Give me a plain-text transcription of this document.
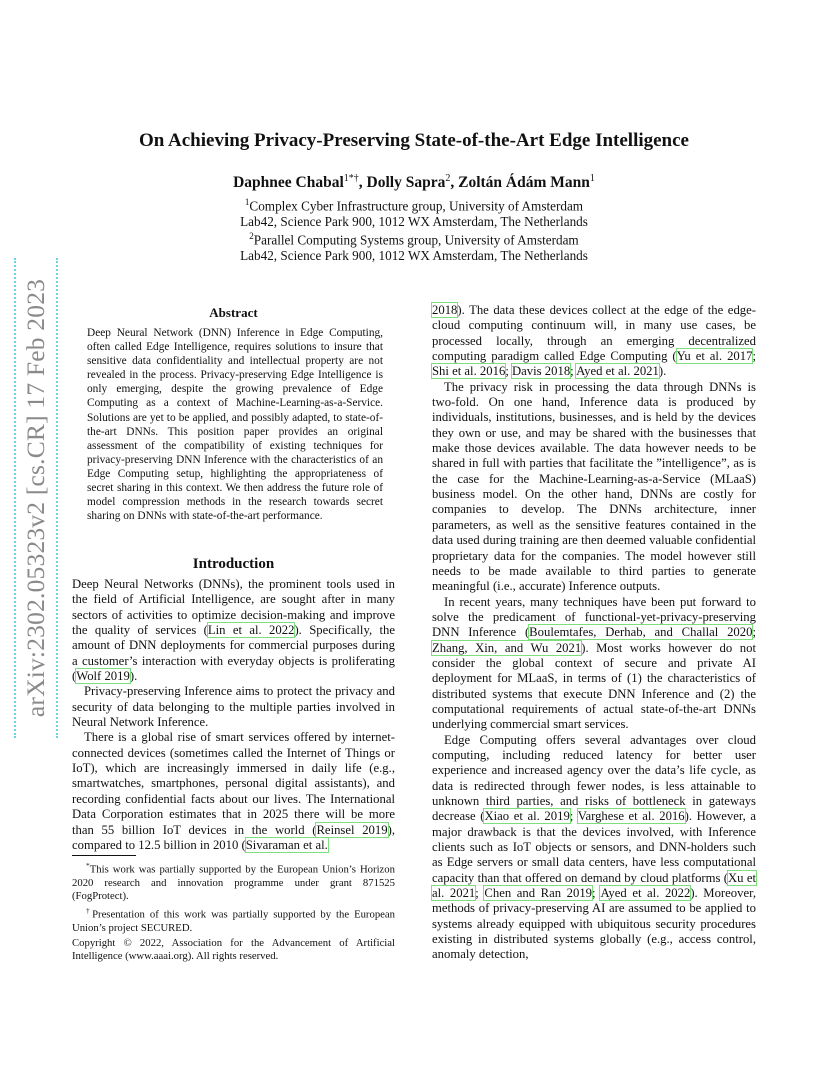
arXiv:2302.05323v2 [cs.CR] 17 Feb 2023
On Achieving Privacy-Preserving State-of-the-Art Edge Intelligence
Daphnee Chabal$^{1*\dagger}$, Dolly Sapra$^2$, Zoltán Ádám Mann$^1$
$^1$Complex Cyber Infrastructure group, University of Amsterdam
Lab42, Science Park 900, 1012 WX Amsterdam, The Netherlands
$^2$Parallel Computing Systems group, University of Amsterdam
Lab42, Science Park 900, 1012 WX Amsterdam, The Netherlands
Abstract
Deep Neural Network (DNN) Inference in Edge Computing, often called Edge Intelligence, requires solutions to insure that sensitive data confidentiality and intellectual property are not revealed in the process. Privacy-preserving Edge Intelligence is only emerging, despite the growing prevalence of Edge Computing as a context of Machine-Learning-as-a-Service. Solutions are yet to be applied, and possibly adapted, to state-of-the-art DNNs. This position paper provides an original assessment of the compatibility of existing techniques for privacy-preserving DNN Inference with the characteristics of an Edge Computing setup, highlighting the appropriateness of secret sharing in this context. We then address the future role of model compression methods in the research towards secret sharing on DNNs with state-of-the-art performance.
Introduction

Deep Neural Networks (DNNs), the prominent tools used in the field of Artificial Intelligence, are sought after in many sectors of activities to optimize decision-making and improve the quality of services (Lin et al. 2022). Specifically, the amount of DNN deployments for commercial purposes during a customer’s interaction with everyday objects is proliferating (Wolf 2019).

Privacy-preserving Inference aims to protect the privacy and security of data belonging to the multiple parties involved in Neural Network Inference.

There is a global rise of smart services offered by internet-connected devices (sometimes called the Internet of Things or IoT), which are increasingly immersed in daily life (e.g., smartwatches, smartphones, personal digital assistants), and recording confidential facts about our lives. The International Data Corporation estimates that in 2025 there will be more than 55 billion IoT devices in the world (Reinsel 2019), compared to 12.5 billion in 2010 (Sivaraman et al.

*This work was partially supported by the European Union’s Horizon 2020 research and innovation programme under grant 871525 (FogProtect).

†Presentation of this work was partially supported by the European Union’s project SECURED.

Copyright © 2022, Association for the Advancement of Artificial Intelligence (www.aaai.org). All rights reserved.

2018). The data these devices collect at the edge of the edge-cloud computing continuum will, in many use cases, be processed locally, through an emerging decentralized computing paradigm called Edge Computing (Yu et al. 2017; Shi et al. 2016; Davis 2018; Ayed et al. 2021).

The privacy risk in processing the data through DNNs is two-fold. On one hand, Inference data is produced by individuals, institutions, businesses, and is held by the devices they own or use, and may be shared with the businesses that make those devices available. The data however needs to be shared in full with parties that facilitate the ”intelligence”, as is the case for the Machine-Learning-as-a-Service (MLaaS) business model. On the other hand, DNNs are costly for companies to develop. The DNNs architecture, inner parameters, as well as the sensitive features contained in the data used during training are then deemed valuable confidential proprietary data for the companies. The model however still needs to be made available to third parties to generate meaningful (i.e., accurate) Inference outputs.

In recent years, many techniques have been put forward to solve the predicament of functional-yet-privacy-preserving DNN Inference (Boulemtafes, Derhab, and Challal 2020; Zhang, Xin, and Wu 2021). Most works however do not consider the global context of secure and private AI deployment for MLaaS, in terms of (1) the characteristics of distributed systems that execute DNN Inference and (2) the computational requirements of actual state-of-the-art DNNs underlying commercial smart services.

Edge Computing offers several advantages over cloud computing, including reduced latency for better user experience and increased agency over the data’s life cycle, as data is redirected through fewer nodes, is less attainable to unknown third parties, and risks of bottleneck in gateways decrease (Xiao et al. 2019; Varghese et al. 2016). However, a major drawback is that the devices involved, with Inference clients such as IoT objects or sensors, and DNN-holders such as Edge servers or small data centers, have less computational capacity than that offered on demand by cloud platforms (Xu et al. 2021; Chen and Ran 2019; Ayed et al. 2022). Moreover, methods of privacy-preserving AI are assumed to be applied to systems already equipped with ubiquitous security procedures existing in distributed systems globally (e.g., access control, anomaly detection,
